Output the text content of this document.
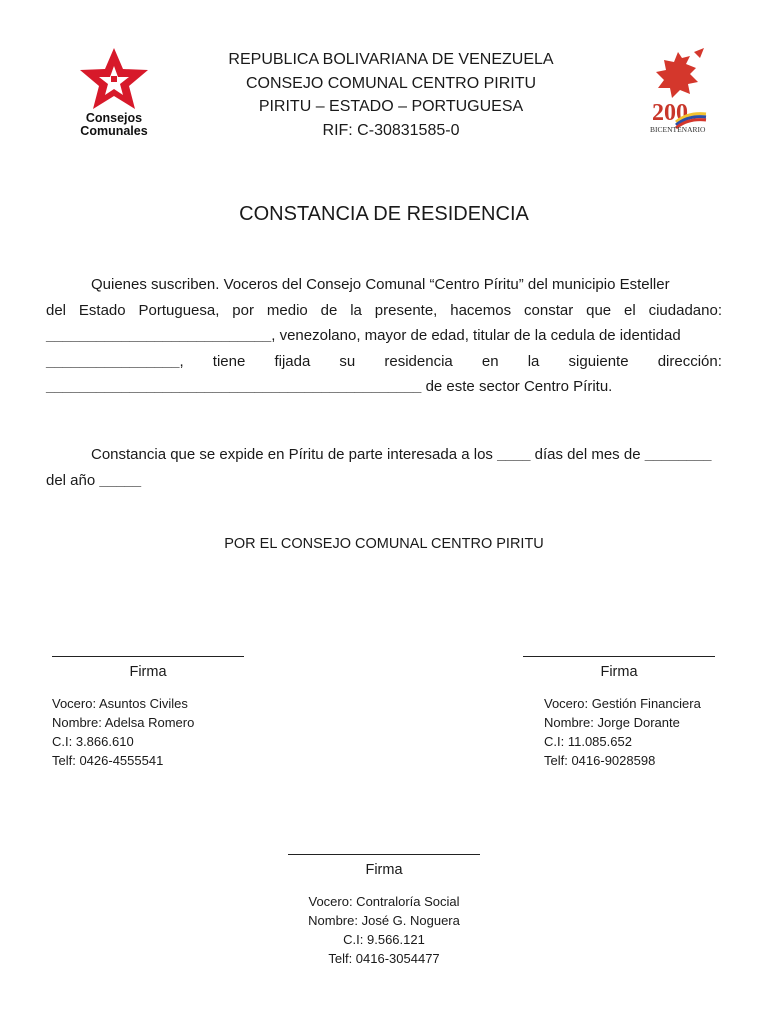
Consejos
Comunales
200
BICENTENARIO
REPUBLICA BOLIVARIANA DE VENEZUELA
CONSEJO COMUNAL CENTRO PIRITU
PIRITU – ESTADO – PORTUGUESA
RIF: C-30831585-0
CONSTANCIA DE RESIDENCIA
Quienes suscriben. Voceros del Consejo Comunal “Centro Píritu” del municipio Esteller
del Estado Portuguesa, por medio de la presente, hacemos constar que el ciudadano:
___________________________, venezolano, mayor de edad, titular de la cedula de identidad
________________, tiene fijada su residencia en la siguiente dirección:
_____________________________________________ de este sector Centro Píritu.
Constancia que se expide en Píritu de parte interesada a los ____ días del mes de ________
del año _____
POR EL CONSEJO COMUNAL CENTRO PIRITU
Firma
Vocero: Asuntos Civiles
Nombre: Adelsa Romero
C.I: 3.866.610
Telf: 0426-4555541
Firma
Vocero: Gestión Financiera
Nombre: Jorge Dorante
C.I: 11.085.652
Telf: 0416-9028598
Firma
Vocero: Contraloría Social
Nombre: José G. Noguera
C.I: 9.566.121
Telf: 0416-3054477
